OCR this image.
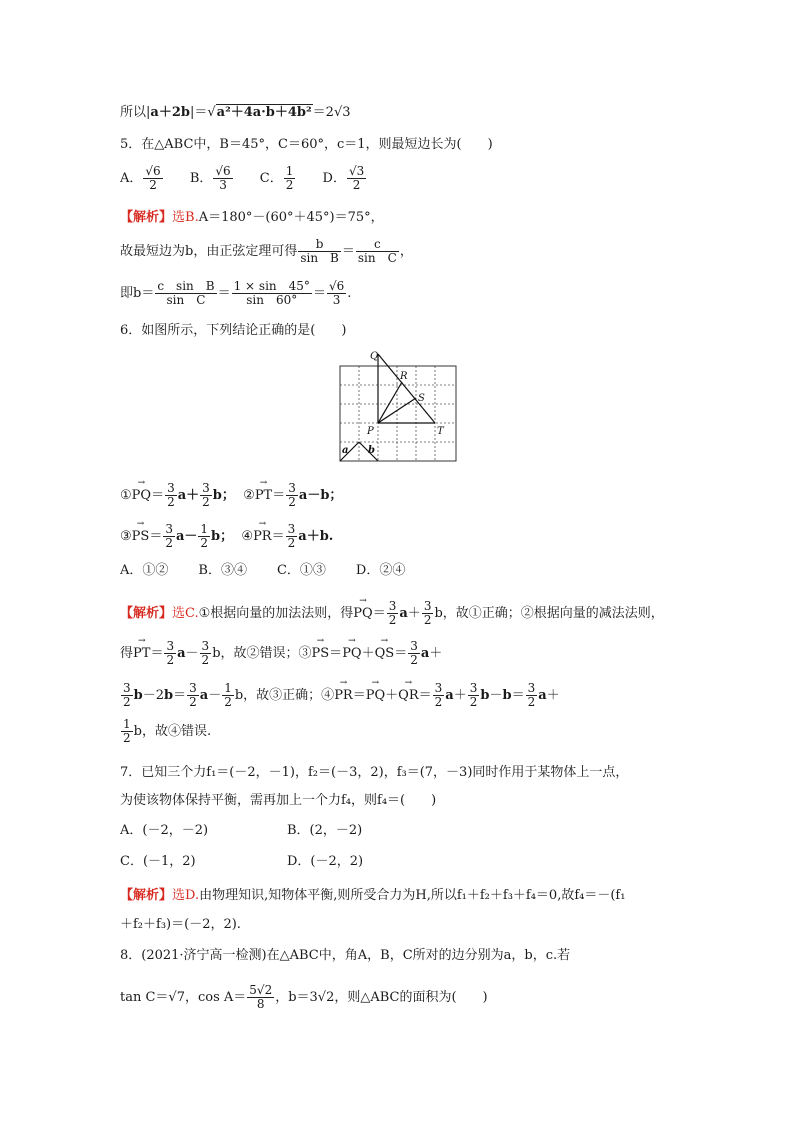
所以|a＋2b|＝√a²＋4a·b＋4b²＝2√3
5．在△ABC中，B＝45°，C＝60°，c＝1，则最短边长为(　　)
A． $\frac{√6}{2}$ B． $\frac{√6}{3}$ C． $\frac{1}{2}$ D． $\frac{√3}{2}$
【解析】选B.A＝180°－(60°＋45°)＝75°，
故最短边为b，由正弦定理可得 $\frac{b}{\text{sin　B}} = \frac{c}{\text{sin　C}}$ ，
即$b= \frac{\text{c　sin　B}}{\text{sin　C}} = \frac{1 \times \sin 45^\circ}{\sin 60^\circ} = \frac{√6}{3}$ .
6．如图所示，下列结论正确的是(　　)
Q
R
S
P	T
a b
①→ $PQ= \frac{3}{2} a+ \frac{3}{2}$ b； ②→ $PT= \frac{3}{2} a-b$；
③→ $PS= \frac{3}{2} a- \frac{1}{2}$ b； ④→ $PR= \frac{3}{2} a+b$.
A．①② B．③④ C．①③ D．②④
【解析】选C.①根据向量的加法法则，得→ $PQ= \frac{3}{2} a+ \frac{3}{2}$ b，故①正确；②根据向量的减法法则，
得→ $PT= \frac{3}{2} a- \frac{3}{2}$ b，故②错误；③→ $PS=\to PQ+\to QS= \frac{3}{2} a+$
$\frac{3}{2} b-2b= \frac{3}{2} a- \frac{1}{2}$ b，故③正确；④→ $PR=\to PQ+\to QR= \frac{3}{2} a+ \frac{3}{2} b-b= \frac{3}{2} a+$
$\frac{1}{2}$ b，故④错误.
7．已知三个力f₁＝(－2，－1)，f₂＝(－3，2)，f₃＝(7，－3)同时作用于某物体上一点，
为使该物体保持平衡，需再加上一个力f₄，则f₄＝(　　)
A．(－2，－2)	B．(2，－2)
C．(－1，2)	D．(－2，2)
【解析】选D.由物理知识,知物体平衡,则所受合力为H,所以f₁＋f₂＋f₃＋f₄＝0,故f₄＝－(f₁
＋f₂＋f₃)＝(－2，2).
8．(2021·济宁高一检测)在△ABC中，角A，B，C所对的边分别为a，b，c.若
tan C＝√7，$\cos A= \frac{5√2}{8}$ ，b＝3√2，则△ABC的面积为(　　)
